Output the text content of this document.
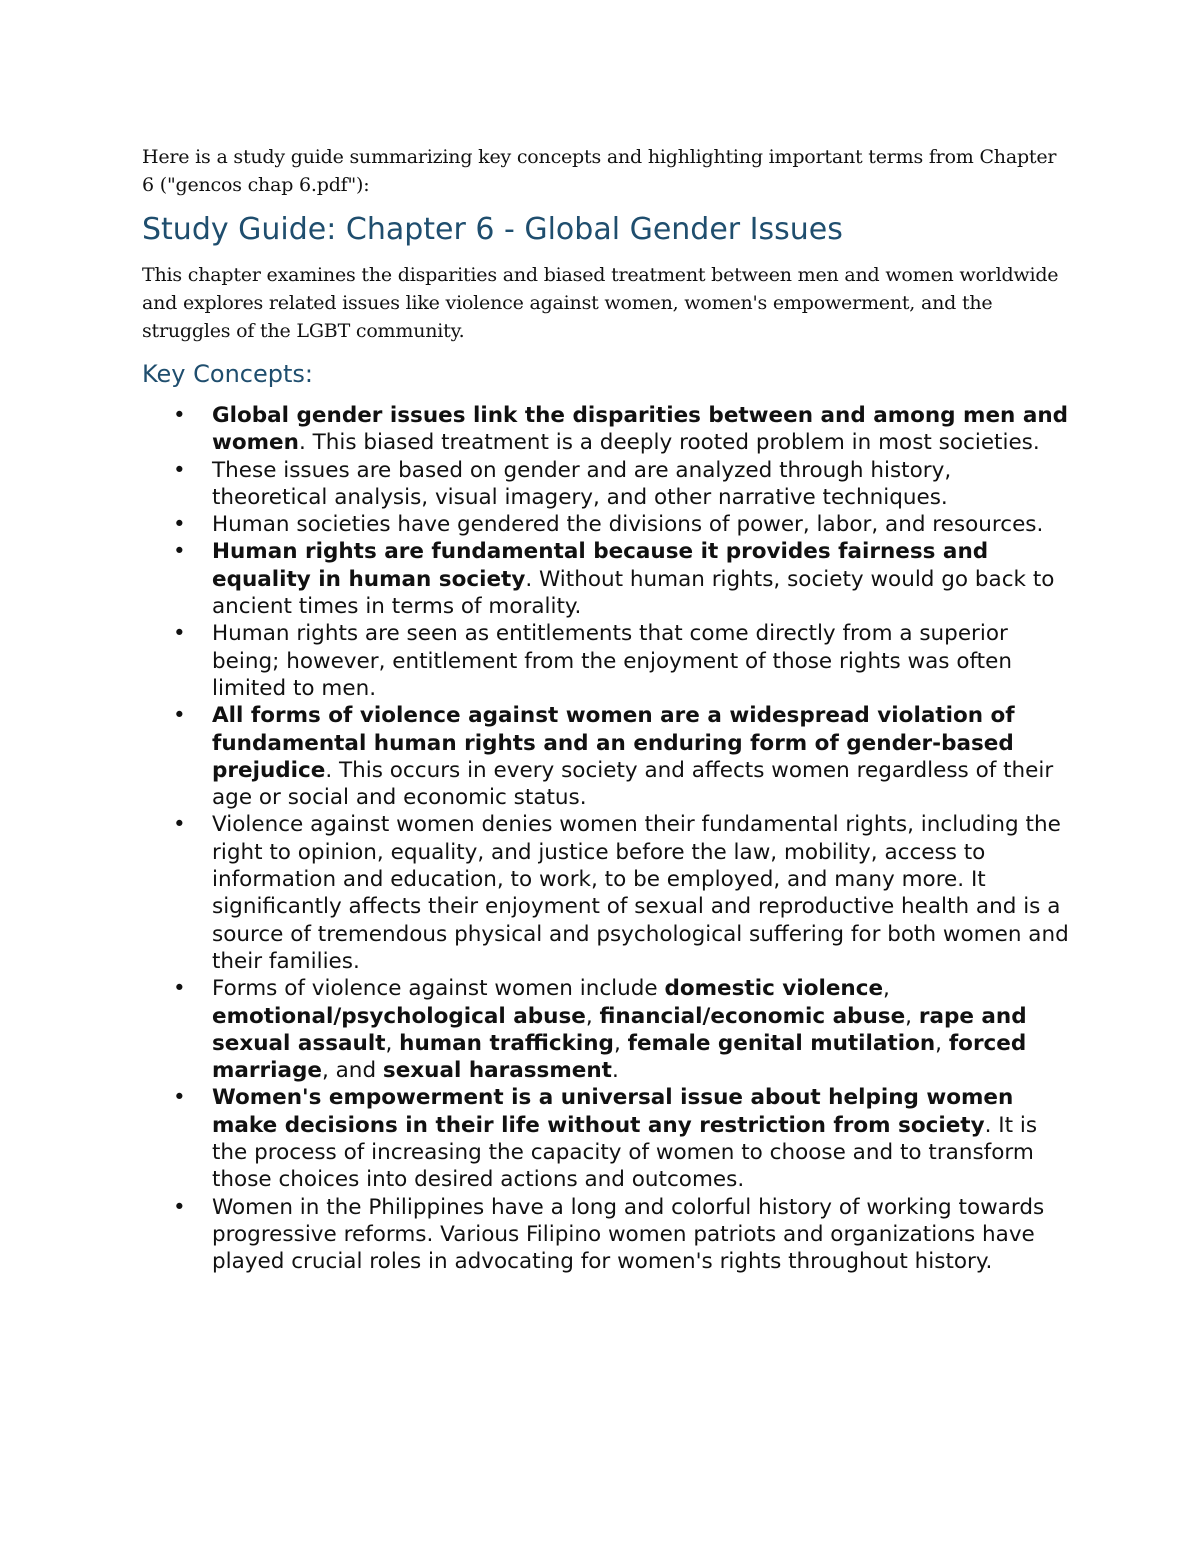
Here is a study guide summarizing key concepts and highlighting important terms from Chapter 6 ("gencos chap 6.pdf"):

Study Guide: Chapter 6 - Global Gender Issues

This chapter examines the disparities and biased treatment between men and women worldwide and explores related issues like violence against women, women's empowerment, and the struggles of the LGBT community.

Key Concepts:
• Global gender issues link the disparities between and among men and women. This biased treatment is a deeply rooted problem in most societies.
• These issues are based on gender and are analyzed through history, theoretical analysis, visual imagery, and other narrative techniques.
• Human societies have gendered the divisions of power, labor, and resources.
• Human rights are fundamental because it provides fairness and equality in human society. Without human rights, society would go back to ancient times in terms of morality.
• Human rights are seen as entitlements that come directly from a superior being; however, entitlement from the enjoyment of those rights was often limited to men.
• All forms of violence against women are a widespread violation of fundamental human rights and an enduring form of gender-based prejudice. This occurs in every society and affects women regardless of their age or social and economic status.
• Violence against women denies women their fundamental rights, including the right to opinion, equality, and justice before the law, mobility, access to information and education, to work, to be employed, and many more. It significantly affects their enjoyment of sexual and reproductive health and is a source of tremendous physical and psychological suffering for both women and their families.
• Forms of violence against women include domestic violence, emotional/psychological abuse, financial/economic abuse, rape and sexual assault, human trafficking, female genital mutilation, forced marriage, and sexual harassment.
• Women's empowerment is a universal issue about helping women make decisions in their life without any restriction from society. It is the process of increasing the capacity of women to choose and to transform those choices into desired actions and outcomes.
• Women in the Philippines have a long and colorful history of working towards progressive reforms. Various Filipino women patriots and organizations have played crucial roles in advocating for women's rights throughout history.
